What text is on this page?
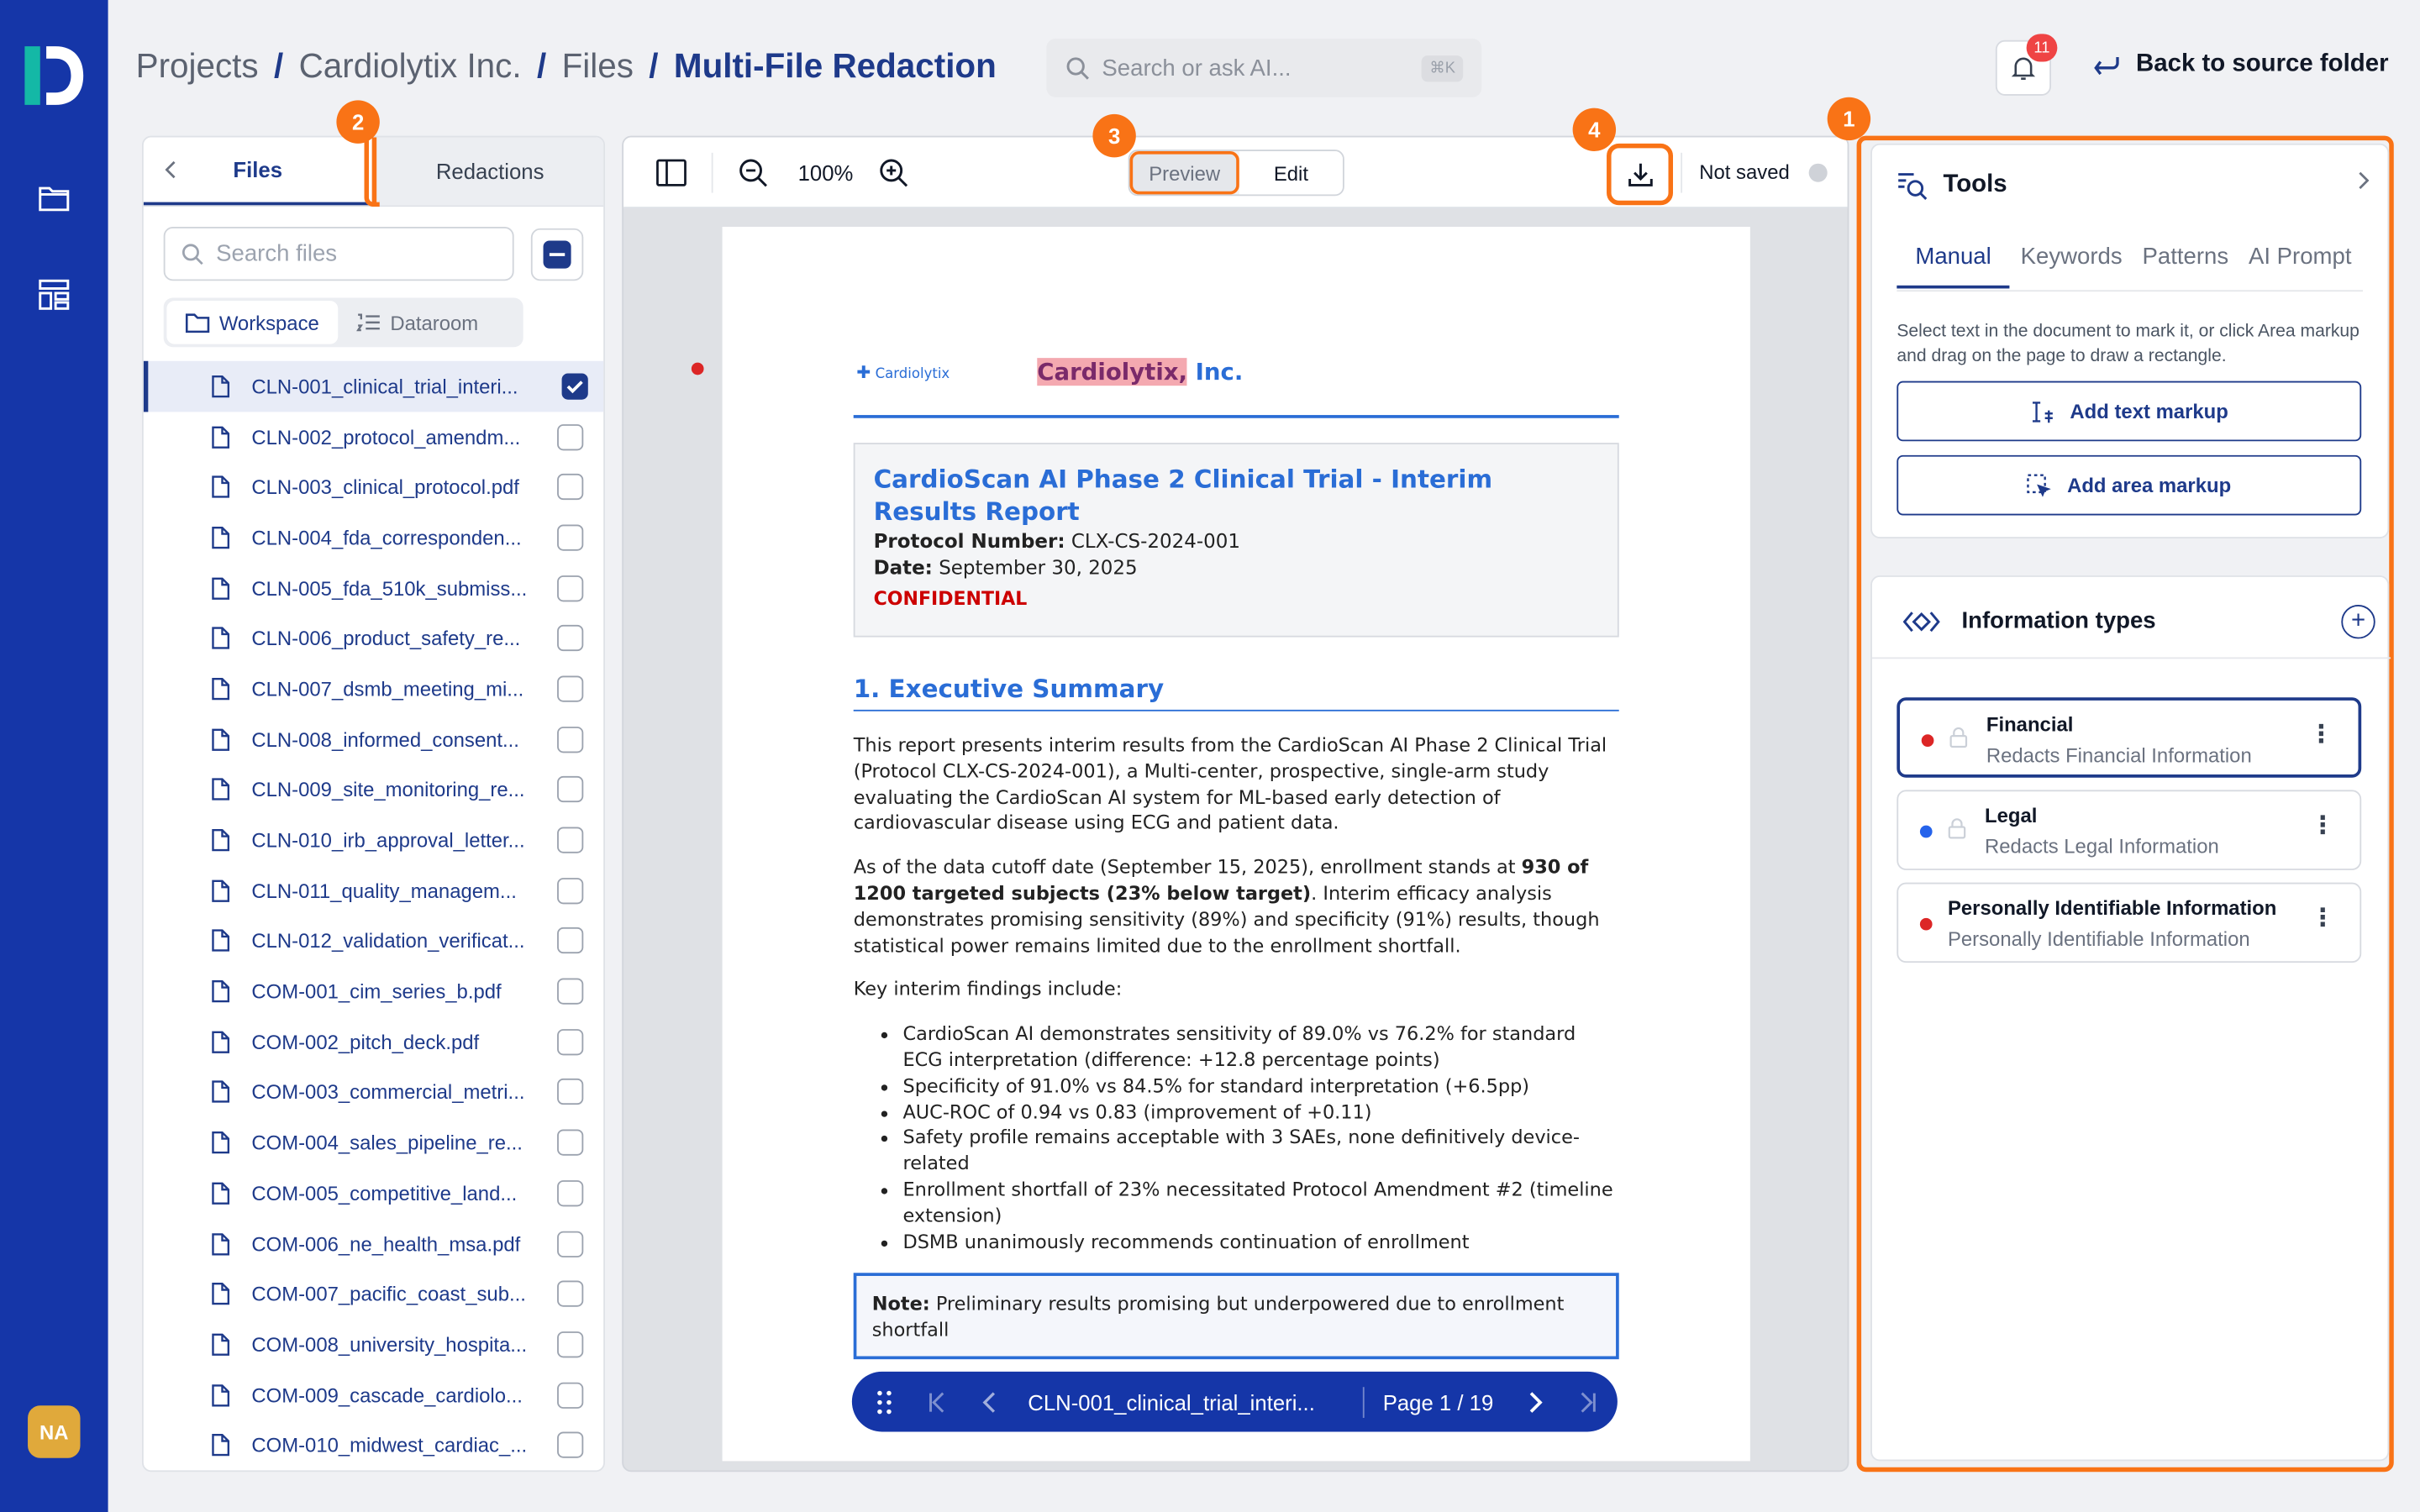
NA
Projects / Cardiolytix Inc. / Files / Multi-File Redaction	Search or ask AI...	⌘K
11
Back to source folder
Files	Redactions
Search files
Workspace	Dataroom
CLN-001_clinical_trial_interi...
CLN-002_protocol_amendm...
CLN-003_clinical_protocol.pdf
CLN-004_fda_corresponden...
CLN-005_fda_510k_submiss...
CLN-006_product_safety_re...
CLN-007_dsmb_meeting_mi...
CLN-008_informed_consent...
CLN-009_site_monitoring_re...
CLN-010_irb_approval_letter...
CLN-011_quality_managem...
CLN-012_validation_verificat...
COM-001_cim_series_b.pdf
COM-002_pitch_deck.pdf
COM-003_commercial_metri...
COM-004_sales_pipeline_re...
COM-005_competitive_land...
COM-006_ne_health_msa.pdf
COM-007_pacific_coast_sub...
COM-008_university_hospita...
COM-009_cascade_cardiolo...
COM-010_midwest_cardiac_...
100%	Preview	Edit	Not saved
✚ Cardiolytix	Cardiolytix, Inc.
CardioScan AI Phase 2 Clinical Trial - Interim Results Report

Protocol Number: CLX-CS-2024-001

Date: September 30, 2025

CONFIDENTIAL

1. Executive Summary

This report presents interim results from the CardioScan AI Phase 2 Clinical Trial (Protocol CLX-CS-2024-001), a Multi-center, prospective, single-arm study evaluating the CardioScan AI system for ML-based early detection of cardiovascular disease using ECG and patient data.

As of the data cutoff date (September 15, 2025), enrollment stands at 930 of 1200 targeted subjects (23% below target). Interim efficacy analysis demonstrates promising sensitivity (89%) and specificity (91%) results, though statistical power remains limited due to the enrollment shortfall.

Key interim findings include:

• CardioScan AI demonstrates sensitivity of 89.0% vs 76.2% for standard ECG interpretation (difference: +12.8 percentage points)
• Specificity of 91.0% vs 84.5% for standard interpretation (+6.5pp)
• AUC-ROC of 0.94 vs 0.83 (improvement of +0.11)
• Safety profile remains acceptable with 3 SAEs, none definitively device-related
• Enrollment shortfall of 23% necessitated Protocol Amendment #2 (timeline extension)
• DSMB unanimously recommends continuation of enrollment
Note: Preliminary results promising but underpowered due to enrollment shortfall
CLN-001_clinical_trial_interi...	Page 1 / 19
Tools
Manual	Keywords	Patterns	AI Prompt
Select text in the document to mark it, or click Area markup and drag on the page to draw a rectangle.
Add text markup
Add area markup
Information types	+
Financial
Redacts Financial Information
⋮
Legal
Redacts Legal Information
⋮
Personally Identifiable Information
Personally Identifiable Information
⋮
1
2
3	4
